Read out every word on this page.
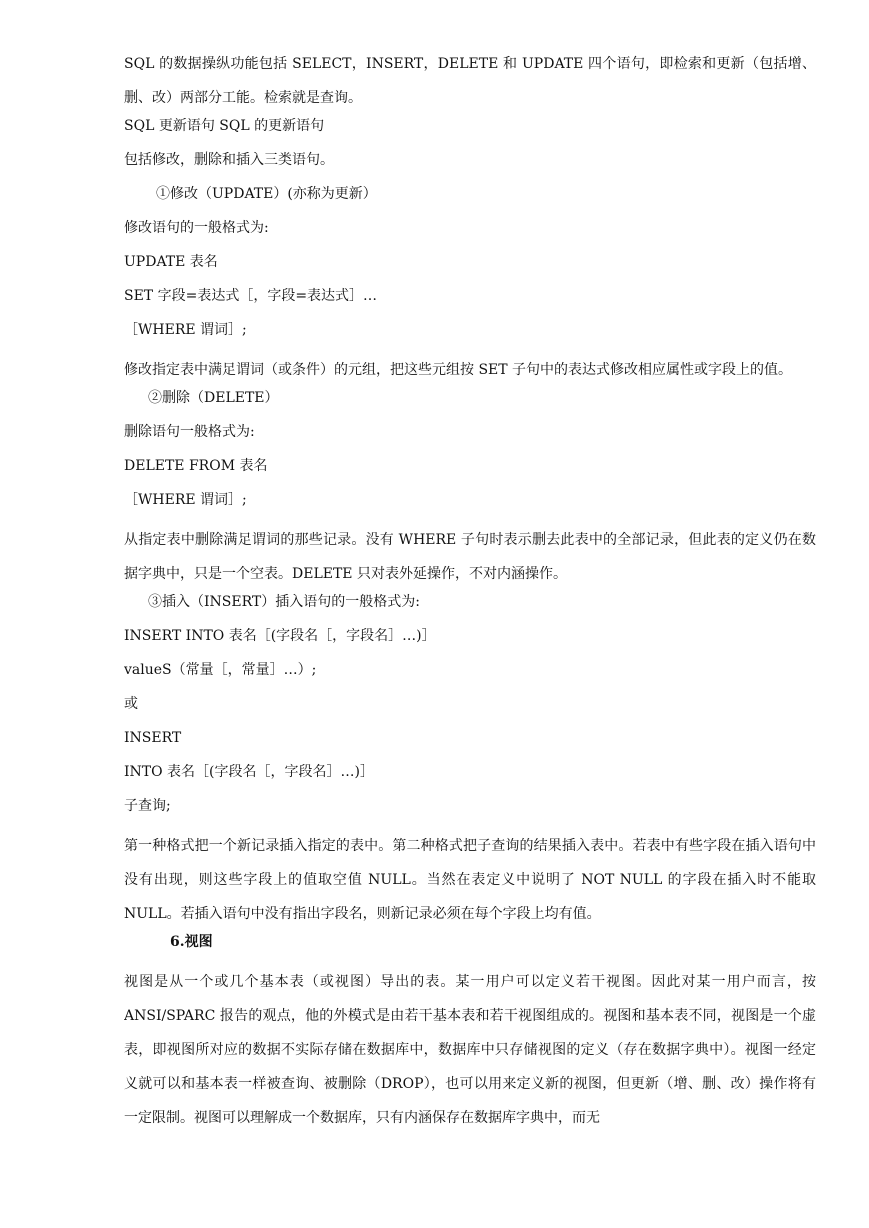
SQL 的数据操纵功能包括 SELECT，INSERT，DELETE 和 UPDATE 四个语句，即检索和更新（包括增、删、改）两部分工能。检索就是查询。

SQL 更新语句 SQL 的更新语句

包括修改，删除和插入三类语句。

①修改（UPDATE）(亦称为更新）

修改语句的一般格式为:

UPDATE 表名

SET 字段=表达式［，字段=表达式］…

［WHERE 谓词］;

修改指定表中满足谓词（或条件）的元组，把这些元组按 SET 子句中的表达式修改相应属性或字段上的值。

②删除（DELETE）

删除语句一般格式为:

DELETE FROM 表名

［WHERE 谓词］;

从指定表中删除满足谓词的那些记录。没有 WHERE 子句时表示删去此表中的全部记录，但此表的定义仍在数据字典中，只是一个空表。DELETE 只对表外延操作，不对内涵操作。

③插入（INSERT）插入语句的一般格式为:

INSERT INTO 表名［(字段名［，字段名］…)］

valueS（常量［，常量］…）;

或

INSERT

INTO 表名［(字段名［，字段名］…)］

子查询;

第一种格式把一个新记录插入指定的表中。第二种格式把子查询的结果插入表中。若表中有些字段在插入语句中没有出现，则这些字段上的值取空值 NULL。当然在表定义中说明了 NOT NULL 的字段在插入时不能取 NULL。若插入语句中没有指出字段名，则新记录必须在每个字段上均有值。

6.视图

视图是从一个或几个基本表（或视图）导出的表。某一用户可以定义若干视图。因此对某一用户而言，按 ANSI/SPARC 报告的观点，他的外模式是由若干基本表和若干视图组成的。视图和基本表不同，视图是一个虚表，即视图所对应的数据不实际存储在数据库中，数据库中只存储视图的定义（存在数据字典中）。视图一经定义就可以和基本表一样被查询、被删除（DROP），也可以用来定义新的视图，但更新（增、删、改）操作将有一定限制。视图可以理解成一个数据库，只有内涵保存在数据库字典中，而无
